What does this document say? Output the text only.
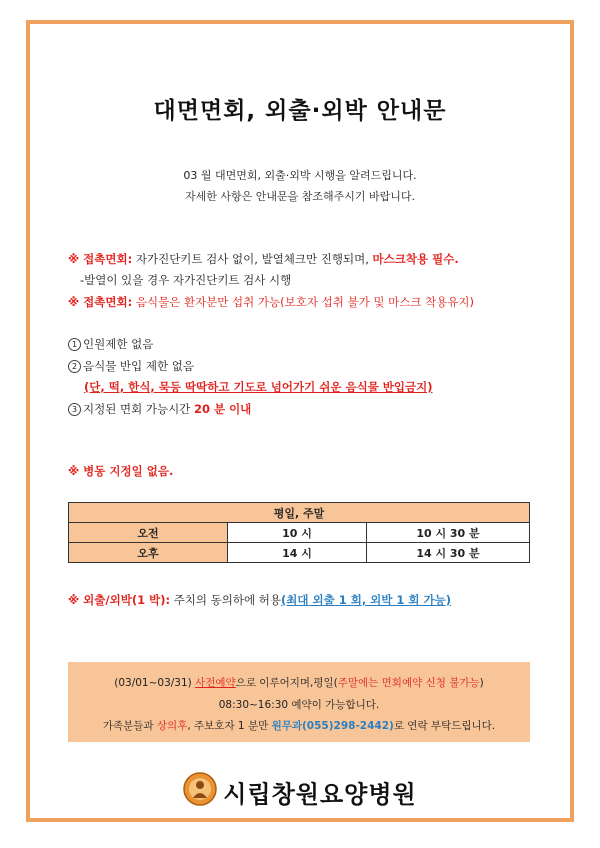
대면면회, 외출·외박 안내문
03 월 대면면회, 외출·외박 시행을 알려드립니다.
자세한 사항은 안내문을 참조해주시기 바랍니다.
※ 접촉면회: 자가진단키트 검사 없이, 발열체크만 진행되며, 마스크착용 필수.
-발열이 있을 경우 자가진단키트 검사 시행
※ 접촉면회: 음식물은 환자분만 섭취 가능(보호자 섭취 불가 및 마스크 착용유지)
1 인원제한 없음
2 음식물 반입 제한 없음
(단, 떡, 한식, 묵등 딱딱하고 기도로 넘어가기 쉬운 음식물 반입금지)
3 지정된 면회 가능시간 20 분 이내
※ 병동 지정일 없음.
평일, 주말		
오전	10 시	10 시 30 분
오후	14 시	14 시 30 분
※ 외출/외박(1 박): 주치의 동의하에 허용(최대 외출 1 회, 외박 1 회 가능)
(03/01~03/31) 사전예약으로 이루어지며,평일(주말에는 면회예약 신청 불가능)
08:30~16:30 예약이 가능합니다.
가족분들과 상의후, 주보호자 1 분만 원무과(055)298-2442)로 연락 부탁드립니다.
시립창원요양병원
